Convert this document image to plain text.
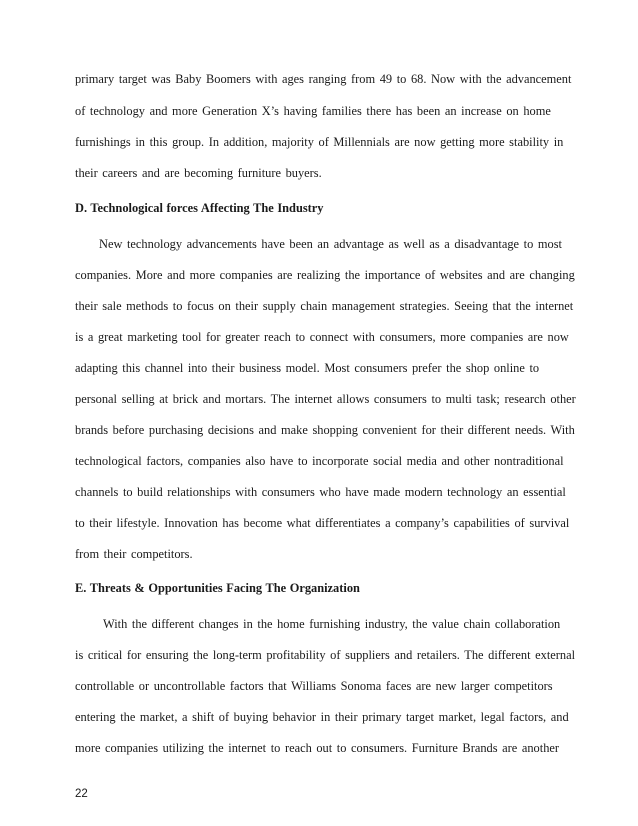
primary target was Baby Boomers with ages ranging from 49 to 68. Now with the advancement
of technology and more Generation X’s having families there has been an increase on home
furnishings in this group. In addition, majority of Millennials are now getting more stability in
their careers and are becoming furniture buyers.
D. Technological forces Affecting The Industry
New technology advancements have been an advantage as well as a disadvantage to most
companies. More and more companies are realizing the importance of websites and are changing
their sale methods to focus on their supply chain management strategies. Seeing that the internet
is a great marketing tool for greater reach to connect with consumers, more companies are now
adapting this channel into their business model. Most consumers prefer the shop online to
personal selling at brick and mortars. The internet allows consumers to multi task; research other
brands before purchasing decisions and make shopping convenient for their different needs. With
technological factors, companies also have to incorporate social media and other nontraditional
channels to build relationships with consumers who have made modern technology an essential
to their lifestyle. Innovation has become what differentiates a company’s capabilities of survival
from their competitors.
E. Threats & Opportunities Facing The Organization
With the different changes in the home furnishing industry, the value chain collaboration
is critical for ensuring the long-term profitability of suppliers and retailers. The different external
controllable or uncontrollable factors that Williams Sonoma faces are new larger competitors
entering the market, a shift of buying behavior in their primary target market, legal factors, and
more companies utilizing the internet to reach out to consumers. Furniture Brands are another
22
